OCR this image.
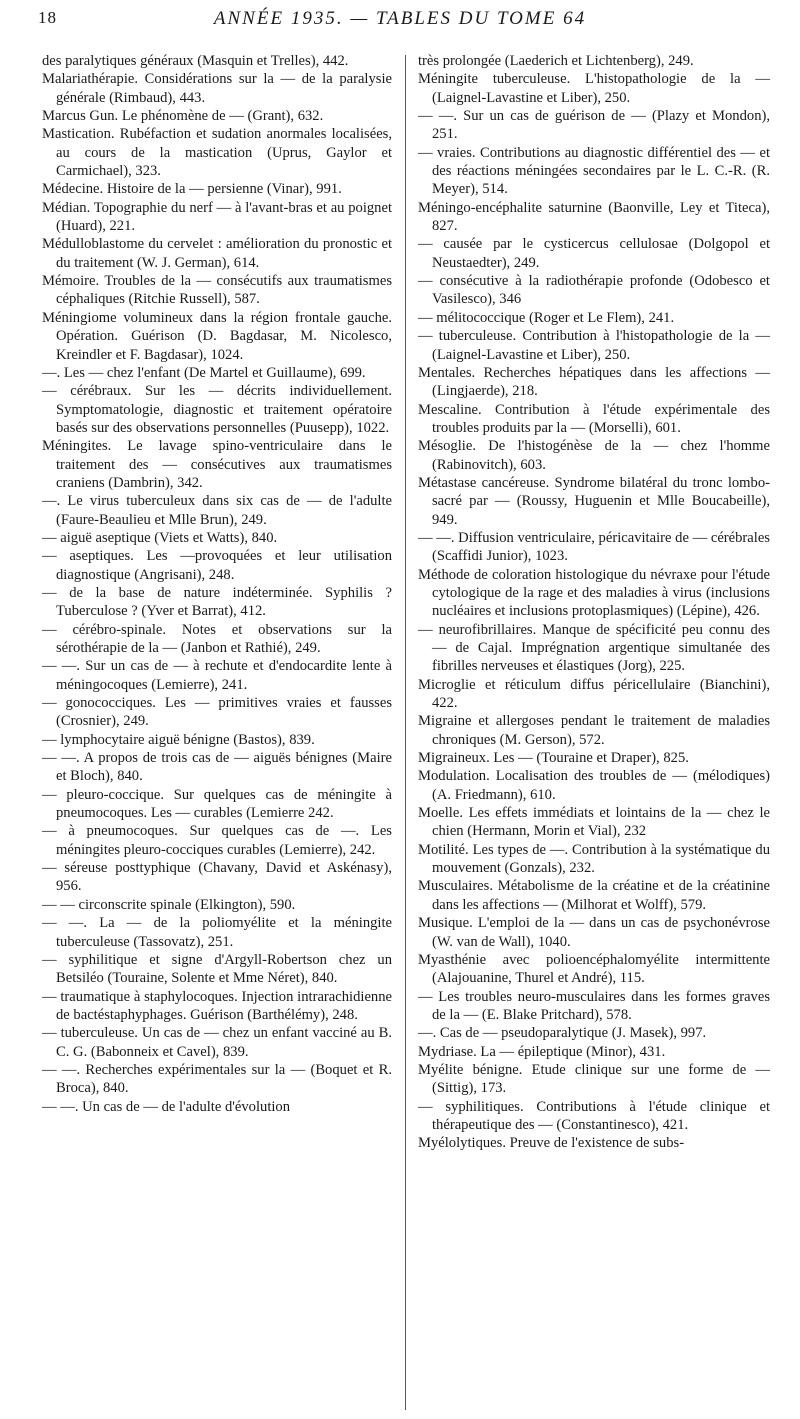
18	ANNÉE 1935. — TABLES DU TOME 64

des paralytiques généraux (Masquin et Trelles), 442.

Malariathérapie. Considérations sur la — de la paralysie générale (Rimbaud), 443.

Marcus Gun. Le phénomène de — (Grant), 632.

Mastication. Rubéfaction et sudation anormales localisées, au cours de la mastication (Uprus, Gaylor et Carmichael), 323.

Médecine. Histoire de la — persienne (Vinar), 991.

Médian. Topographie du nerf — à l'avant-bras et au poignet (Huard), 221.

Médulloblastome du cervelet : amélioration du pronostic et du traitement (W. J. German), 614.

Mémoire. Troubles de la — consécutifs aux traumatismes céphaliques (Ritchie Russell), 587.

Méningiome volumineux dans la région frontale gauche. Opération. Guérison (D. Bagdasar, M. Nicolesco, Kreindler et F. Bagdasar), 1024.

—. Les — chez l'enfant (De Martel et Guillaume), 699.

— cérébraux. Sur les — décrits individuellement. Symptomatologie, diagnostic et traitement opératoire basés sur des observations personnelles (Puusepp), 1022.

Méningites. Le lavage spino-ventriculaire dans le traitement des — consécutives aux traumatismes craniens (Dambrin), 342.

—. Le virus tuberculeux dans six cas de — de l'adulte (Faure-Beaulieu et Mlle Brun), 249.

— aiguë aseptique (Viets et Watts), 840.

— aseptiques. Les —provoquées et leur utilisation diagnostique (Angrisani), 248.

— de la base de nature indéterminée. Syphilis ? Tuberculose ? (Yver et Barrat), 412.

— cérébro-spinale. Notes et observations sur la sérothérapie de la — (Janbon et Rathié), 249.

— —. Sur un cas de — à rechute et d'endocardite lente à méningocoques (Lemierre), 241.

— gonococciques. Les — primitives vraies et fausses (Crosnier), 249.

— lymphocytaire aiguë bénigne (Bastos), 839.

— —. A propos de trois cas de — aiguës bénignes (Maire et Bloch), 840.

— pleuro-coccique. Sur quelques cas de méningite à pneumocoques. Les — curables (Lemierre 242.

— à pneumocoques. Sur quelques cas de —. Les méningites pleuro-cocciques curables (Lemierre), 242.

— séreuse posttyphique (Chavany, David et Askénasy), 956.

— — circonscrite spinale (Elkington), 590.

— —. La — de la poliomyélite et la méningite tuberculeuse (Tassovatz), 251.

— syphilitique et signe d'Argyll-Robertson chez un Betsiléo (Touraine, Solente et Mme Néret), 840.

— traumatique à staphylocoques. Injection intrarachidienne de bactéstaphyphages. Guérison (Barthélémy), 248.

— tuberculeuse. Un cas de — chez un enfant vacciné au B. C. G. (Babonneix et Cavel), 839.

— —. Recherches expérimentales sur la — (Boquet et R. Broca), 840.

— —. Un cas de — de l'adulte d'évolution

très prolongée (Laederich et Lichtenberg), 249.

Méningite tuberculeuse. L'histopathologie de la — (Laignel-Lavastine et Liber), 250.

— —. Sur un cas de guérison de — (Plazy et Mondon), 251.

— vraies. Contributions au diagnostic différentiel des — et des réactions méningées secondaires par le L. C.-R. (R. Meyer), 514.

Méningo-encéphalite saturnine (Baonville, Ley et Titeca), 827.

— causée par le cysticercus cellulosae (Dolgopol et Neustaedter), 249.

— consécutive à la radiothérapie profonde (Odobesco et Vasilesco), 346

— mélitococcique (Roger et Le Flem), 241.

— tuberculeuse. Contribution à l'histopathologie de la — (Laignel-Lavastine et Liber), 250.

Mentales. Recherches hépatiques dans les affections — (Lingjaerde), 218.

Mescaline. Contribution à l'étude expérimentale des troubles produits par la — (Morselli), 601.

Mésoglie. De l'histogénèse de la — chez l'homme (Rabinovitch), 603.

Métastase cancéreuse. Syndrome bilatéral du tronc lombo-sacré par — (Roussy, Huguenin et Mlle Boucabeille), 949.

— —. Diffusion ventriculaire, péricavitaire de — cérébrales (Scaffidi Junior), 1023.

Méthode de coloration histologique du névraxe pour l'étude cytologique de la rage et des maladies à virus (inclusions nucléaires et inclusions protoplasmiques) (Lépine), 426.

— neurofibrillaires. Manque de spécificité peu connu des — de Cajal. Imprégnation argentique simultanée des fibrilles nerveuses et élastiques (Jorg), 225.

Microglie et réticulum diffus péricellulaire (Bianchini), 422.

Migraine et allergoses pendant le traitement de maladies chroniques (M. Gerson), 572.

Migraineux. Les — (Touraine et Draper), 825.

Modulation. Localisation des troubles de — (mélodiques) (A. Friedmann), 610.

Moelle. Les effets immédiats et lointains de la — chez le chien (Hermann, Morin et Vial), 232

Motilité. Les types de —. Contribution à la systématique du mouvement (Gonzals), 232.

Musculaires. Métabolisme de la créatine et de la créatinine dans les affections — (Milhorat et Wolff), 579.

Musique. L'emploi de la — dans un cas de psychonévrose (W. van de Wall), 1040.

Myasthénie avec polioencéphalomyélite intermittente (Alajouanine, Thurel et André), 115.

— Les troubles neuro-musculaires dans les formes graves de la — (E. Blake Pritchard), 578.

—. Cas de — pseudoparalytique (J. Masek), 997.

Mydriase. La — épileptique (Minor), 431.

Myélite bénigne. Etude clinique sur une forme de — (Sittig), 173.

— syphilitiques. Contributions à l'étude clinique et thérapeutique des — (Constantinesco), 421.

Myélolytiques. Preuve de l'existence de subs-
